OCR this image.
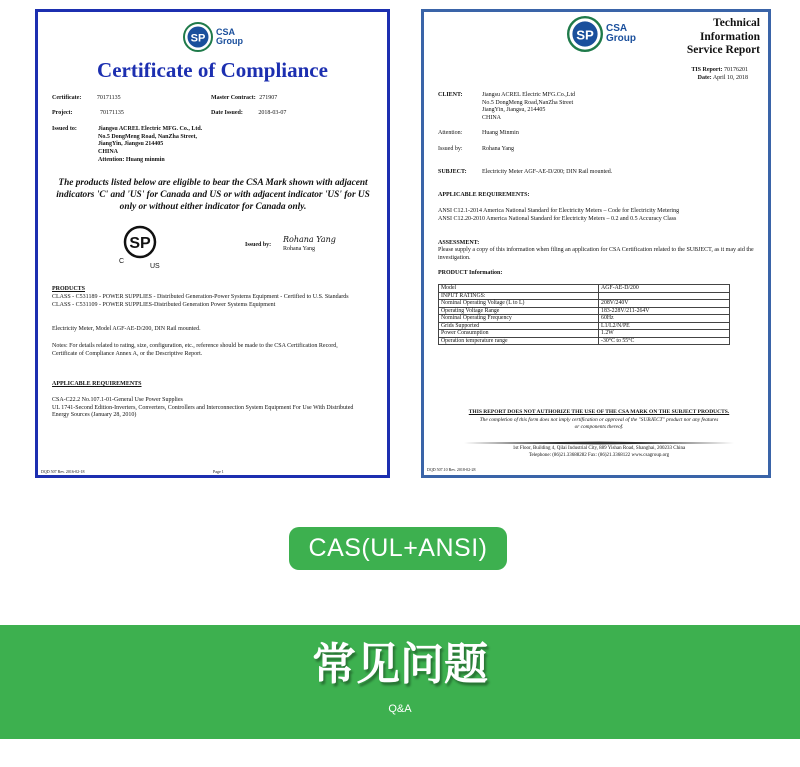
SP
CSA
Group
Certificate of Compliance
Certificate:	70171135	Master Contract: 271907
Project:	70171135	Date Issued:	2018-03-07
Issued to:	Jiangsu ACREL Electric MFG. Co., Ltd.
No.5 DongMeng Road, NanZha Street,
JiangYin, Jiangsu 214405
CHINA
Attention: Huang minmin
The products listed below are eligible to bear the CSA Mark shown with adjacent indicators 'C' and 'US' for Canada and US or with adjacent indicator 'US' for US only or without either indicator for Canada only.
SP
C
US
Issued by:
Rohana Yang
Rohana Yang
PRODUCTS
CLASS - C531189 - POWER SUPPLIES - Distributed Generation-Power Systems Equipment - Certified to U.S. Standards
CLASS - C531109 - POWER SUPPLIES-Distributed Generation Power Systems Equipment
Electricity Meter, Model AGF-AE-D/200, DIN Rail mounted.
Notes: For details related to rating, size, configuration, etc., reference should be made to the CSA Certification Record, Certificate of Compliance Annex A, or the Descriptive Report.
APPLICABLE REQUIREMENTS
CSA-C22.2 No.107.1-01-General Use Power Supplies
UL 1741-Second Edition-Inverters, Converters, Controllers and Interconnection System Equipment For Use With Distributed Energy Sources (January 28, 2010)
DQD 507 Rev. 2016-02-18	Page 1
SP CSA
Group
Technical
Information
Service Report
TIS Report: 70176201
Date: April 10, 2018
CLIENT:	Jiangsu ACREL Electric MFG.Co.,Ltd
No.5 DongMeng Road,NanZha Street
JiangYin, Jiangsu, 214405
CHINA
Attention:	Huang Minmin
Issued by:	Rohana Yang
SUBJECT:	Electricity Meter AGF-AE-D/200; DIN Rail mounted.
APPLICABLE REQUIREMENTS:
ANSI C12.1-2014 America National Standard for Electricity Meters – Code for Electricity Metering
ANSI C12.20-2010 America National Standard for Electricity Meters – 0.2 and 0.5 Accuracy Class
ASSESSMENT:
Please supply a copy of this information when filing an application for CSA Certification related to the SUBJECT, as it may aid the investigation.
PRODUCT Information:
Model	AGF-AE-D/200
INPUT RATINGS:	
Nominal Operating Voltage (L to L)	208V/240V
Operating Voltage Range	183-228V/211-264V
Nominal Operating Frequency	60Hz
Grids Supported	L1/L2/N/PE
Power Consumption	1.2W
Operation temperature range	-30°C to 55°C
THIS REPORT DOES NOT AUTHORIZE THE USE OF THE CSA MARK ON THE SUBJECT PRODUCTS.
The completion of this form does not imply certification or approval of the "SUBJECT" product nor any features or components thereof.
1st Floor, Building 4, Qilai Industrial City, 889 Yishan Road, Shanghai, 200233 China
Telephone: (86)21.33688282 Fax: (86)21.3368122 www.csagroup.org
DQD 507.10 Rev. 2018-02-28
CAS(UL+ANSI)
常见问题
Q&A
